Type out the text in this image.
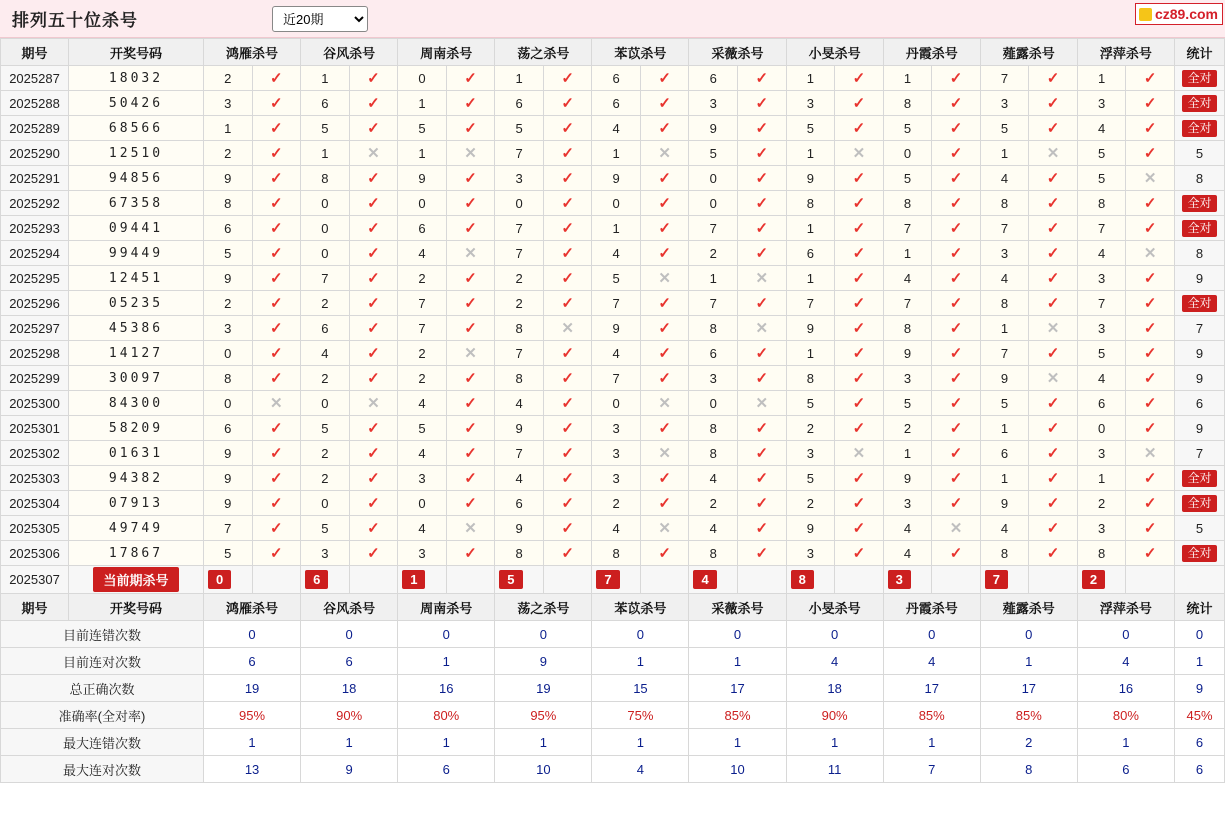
排列五十位杀号
近20期	cz89.com
期号	开奖号码	鸿雁杀号		谷风杀号		周南杀号		荡之杀号		苯苡杀号		采薇杀号		小旻杀号		丹霞杀号		薤露杀号		浮萍杀号		统计
2025287	18032	2	✓	1	✓	0	✓	1	✓	6	✓	6	✓	1	✓	1	✓	7	✓	1	✓	全对
2025288	50426	3	✓	6	✓	1	✓	6	✓	6	✓	3	✓	3	✓	8	✓	3	✓	3	✓	全对
2025289	68566	1	✓	5	✓	5	✓	5	✓	4	✓	9	✓	5	✓	5	✓	5	✓	4	✓	全对
2025290	12510	2	✓	1	✕	1	✕	7	✓	1	✕	5	✓	1	✕	0	✓	1	✕	5	✓	5
2025291	94856	9	✓	8	✓	9	✓	3	✓	9	✓	0	✓	9	✓	5	✓	4	✓	5	✕	8
2025292	67358	8	✓	0	✓	0	✓	0	✓	0	✓	0	✓	8	✓	8	✓	8	✓	8	✓	全对
2025293	09441	6	✓	0	✓	6	✓	7	✓	1	✓	7	✓	1	✓	7	✓	7	✓	7	✓	全对
2025294	99449	5	✓	0	✓	4	✕	7	✓	4	✓	2	✓	6	✓	1	✓	3	✓	4	✕	8
2025295	12451	9	✓	7	✓	2	✓	2	✓	5	✕	1	✕	1	✓	4	✓	4	✓	3	✓	9
2025296	05235	2	✓	2	✓	7	✓	2	✓	7	✓	7	✓	7	✓	7	✓	8	✓	7	✓	全对
2025297	45386	3	✓	6	✓	7	✓	8	✕	9	✓	8	✕	9	✓	8	✓	1	✕	3	✓	7
2025298	14127	0	✓	4	✓	2	✕	7	✓	4	✓	6	✓	1	✓	9	✓	7	✓	5	✓	9
2025299	30097	8	✓	2	✓	2	✓	8	✓	7	✓	3	✓	8	✓	3	✓	9	✕	4	✓	9
2025300	84300	0	✕	0	✕	4	✓	4	✓	0	✕	0	✕	5	✓	5	✓	5	✓	6	✓	6
2025301	58209	6	✓	5	✓	5	✓	9	✓	3	✓	8	✓	2	✓	2	✓	1	✓	0	✓	9
2025302	01631	9	✓	2	✓	4	✓	7	✓	3	✕	8	✓	3	✕	1	✓	6	✓	3	✕	7
2025303	94382	9	✓	2	✓	3	✓	4	✓	3	✓	4	✓	5	✓	9	✓	1	✓	1	✓	全对
2025304	07913	9	✓	0	✓	0	✓	6	✓	2	✓	2	✓	2	✓	3	✓	9	✓	2	✓	全对
2025305	49749	7	✓	5	✓	4	✕	9	✓	4	✕	4	✓	9	✓	4	✕	4	✓	3	✓	5
2025306	17867	5	✓	3	✓	3	✓	8	✓	8	✓	8	✓	3	✓	4	✓	8	✓	8	✓	全对
2025307	当前期杀号	0		6		1		5		7		4		8		3		7		2		
期号	开奖号码	鸿雁杀号		谷风杀号		周南杀号		荡之杀号		苯苡杀号		采薇杀号		小旻杀号		丹霞杀号		薤露杀号		浮萍杀号		统计
目前连错次数		0		0		0		0		0		0		0		0		0		0		0
目前连对次数		6		6		1		9		1		1		4		4		1		4		1
总正确次数		19		18		16		19		15		17		18		17		17		16		9
准确率(全对率)		95%		90%		80%		95%		75%		85%		90%		85%		85%		80%		45%
最大连错次数		1		1		1		1		1		1		1		1		2		1		6
最大连对次数		13		9		6		10		4		10		11		7		8		6		6
